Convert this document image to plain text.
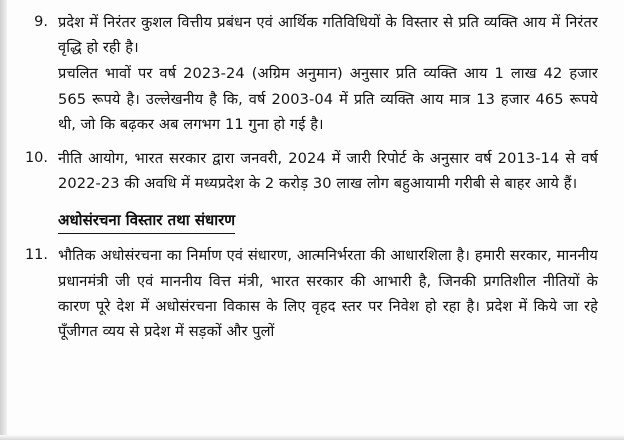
9. प्रदेश में निरंतर कुशल वित्तीय प्रबंधन एवं आर्थिक गतिविधियों के विस्तार से प्रति व्यक्ति आय में निरंतर वृद्धि हो रही है।

प्रचलित भावों पर वर्ष 2023-24 (अग्रिम अनुमान) अनुसार प्रति व्यक्ति आय 1 लाख 42 हजार 565 रूपये है। उल्लेखनीय है कि, वर्ष 2003-04 में प्रति व्यक्ति आय मात्र 13 हजार 465 रूपये थी, जो कि बढ़कर अब लगभग 11 गुना हो गई है।

10. नीति आयोग, भारत सरकार द्वारा जनवरी, 2024 में जारी रिपोर्ट के अनुसार वर्ष 2013-14 से वर्ष 2022-23 की अवधि में मध्यप्रदेश के 2 करोड़ 30 लाख लोग बहुआयामी गरीबी से बाहर आये हैं।

अधोसंरचना विस्तार तथा संधारण
11. भौतिक अधोसंरचना का निर्माण एवं संधारण, आत्मनिर्भरता की आधारशिला है। हमारी सरकार, माननीय प्रधानमंत्री जी एवं माननीय वित्त मंत्री, भारत सरकार की आभारी है, जिनकी प्रगतिशील नीतियों के कारण पूरे देश में अधोसंरचना विकास के लिए वृहद स्तर पर निवेश हो रहा है। प्रदेश में किये जा रहे पूँजीगत व्यय से प्रदेश में सड़कों और पुलों
